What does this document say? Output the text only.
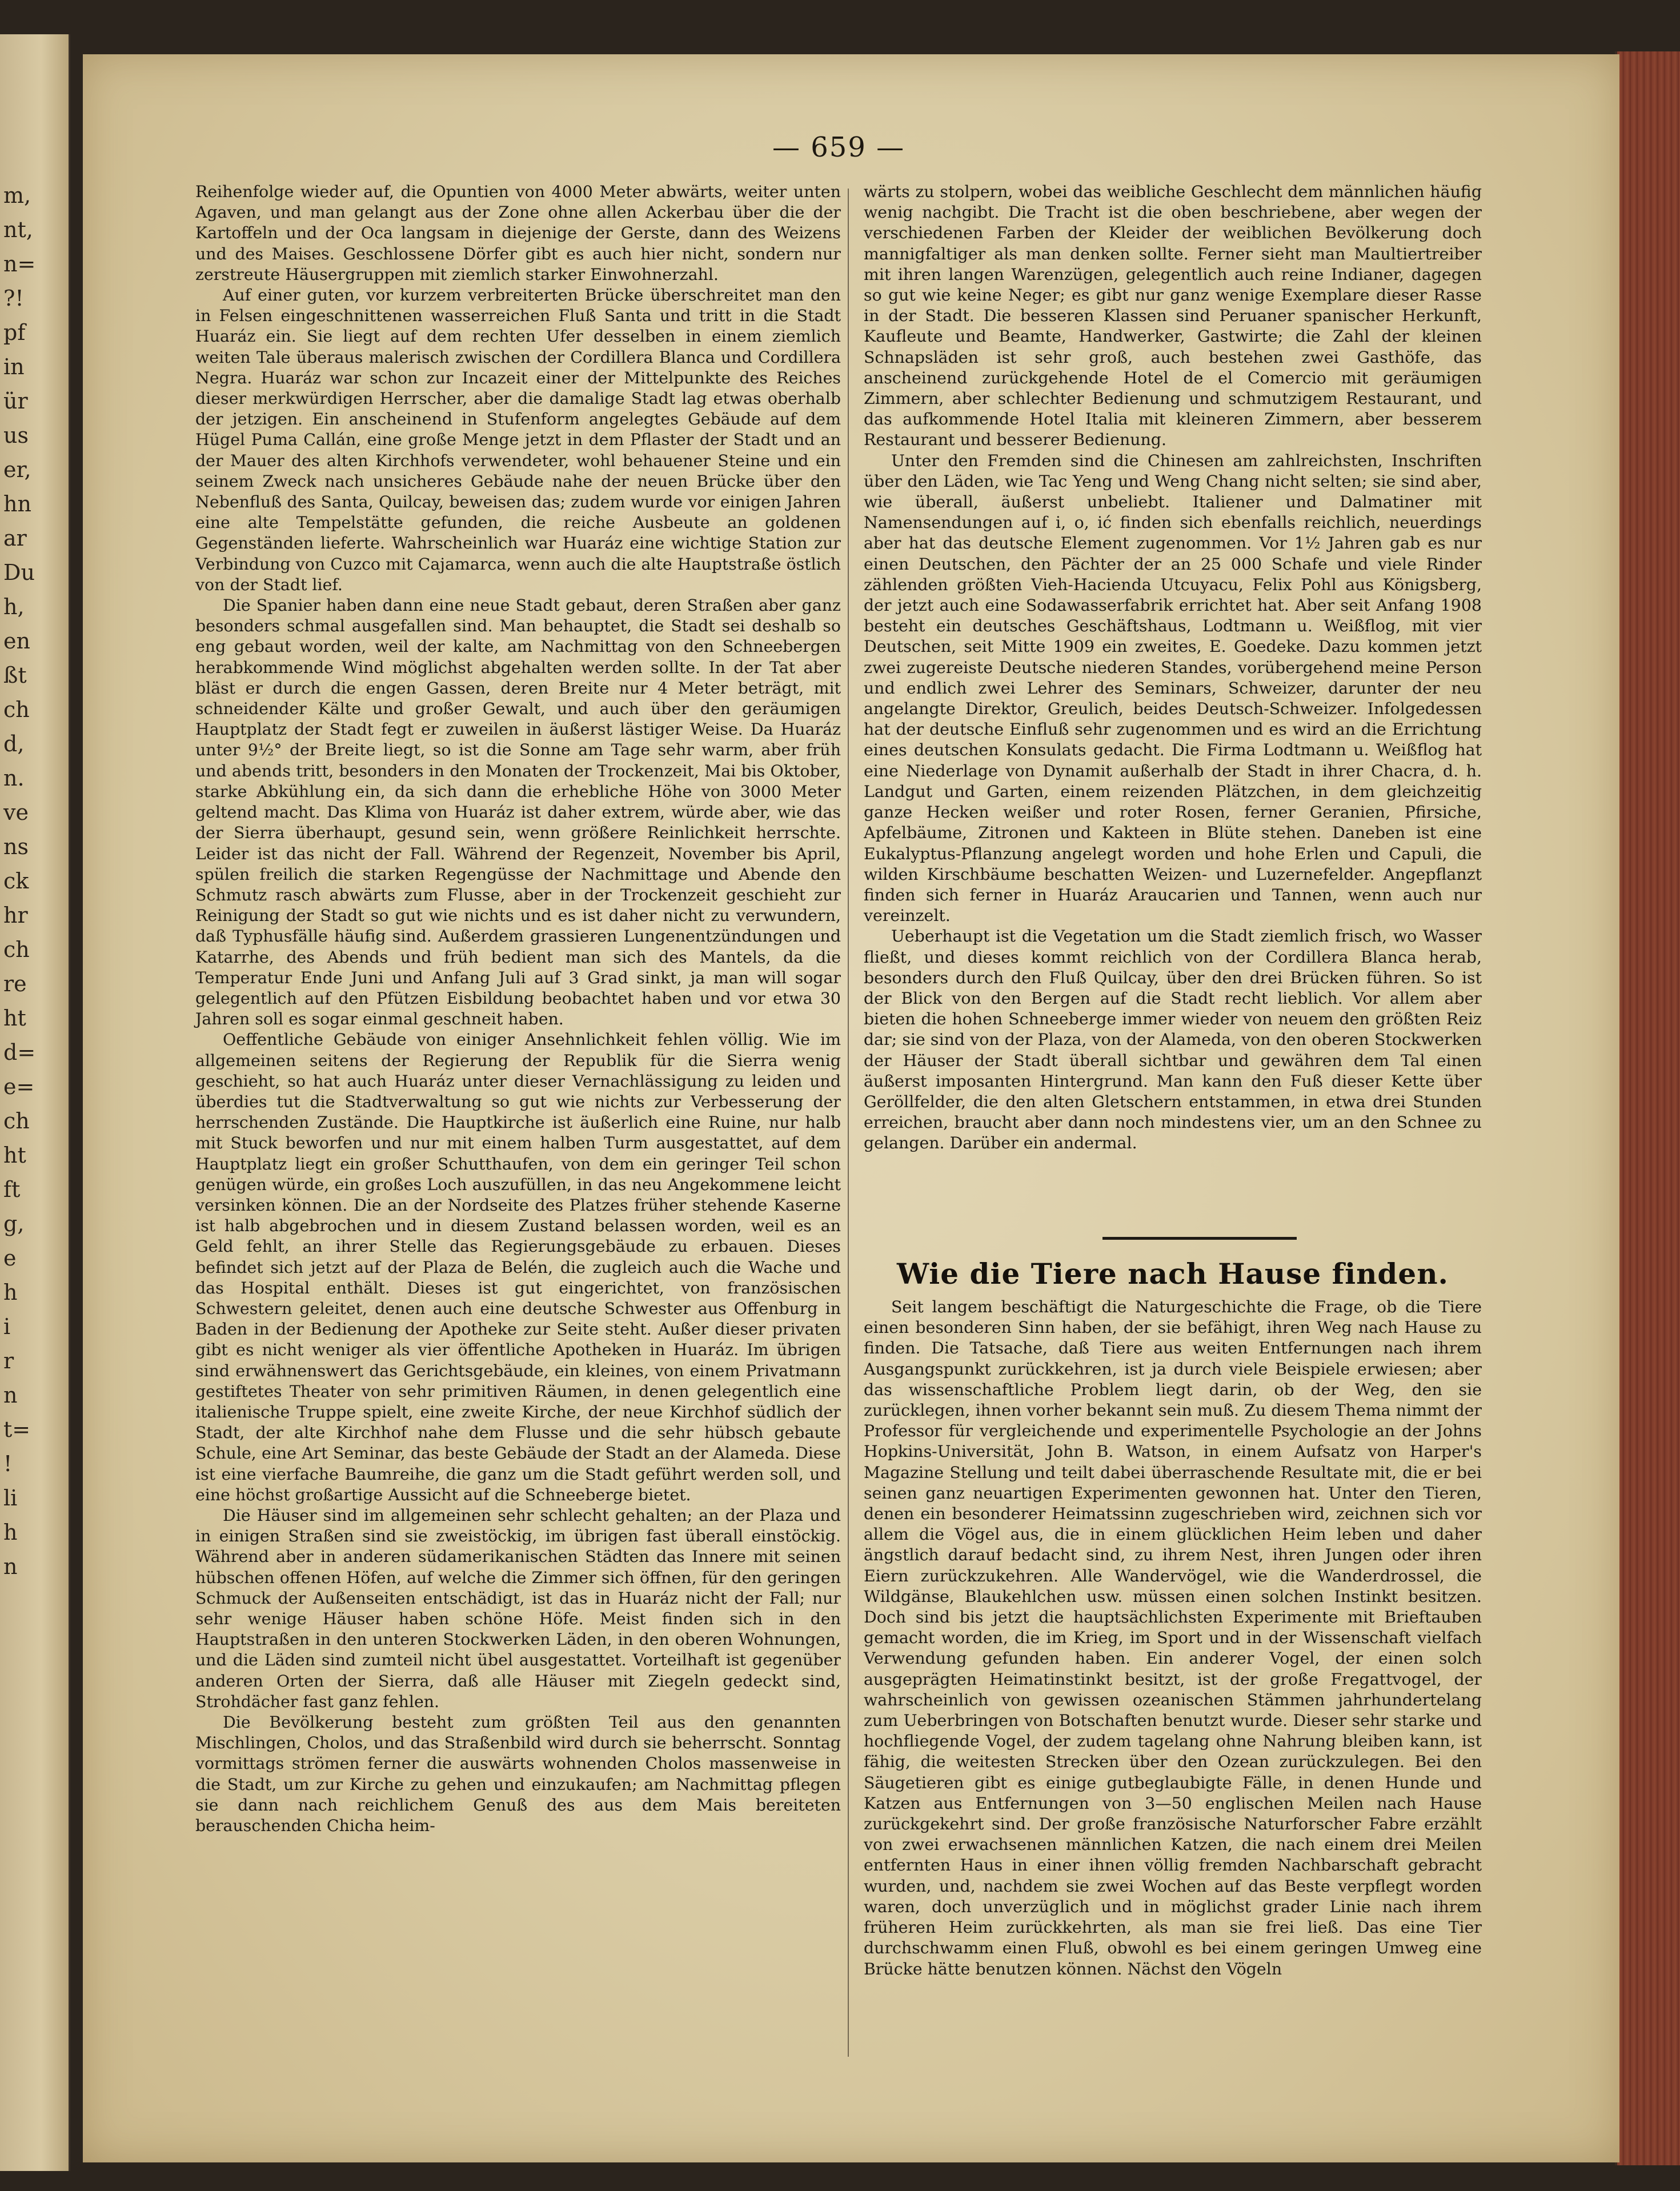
m,
nt,
n=
?!
pf
in
ür
us
er,
hn
ar
Du
h,
en
ßt
ch
d,
n.
ve
ns
ck
hr
ch
re
ht
d=
e=
ch
ht
ft
g,
e
h
i
r
n
t=
!
li
h
n
— 659 —

Reihenfolge wieder auf, die Opuntien von 4000 Meter abwärts, weiter unten Agaven, und man gelangt aus der Zone ohne allen Ackerbau über die der Kartoffeln und der Oca langsam in diejenige der Gerste, dann des Weizens und des Maises. Geschlossene Dörfer gibt es auch hier nicht, sondern nur zerstreute Häusergruppen mit ziemlich starker Einwohnerzahl.

Auf einer guten, vor kurzem verbreiterten Brücke überschreitet man den in Felsen eingeschnittenen wasserreichen Fluß Santa und tritt in die Stadt Huaráz ein. Sie liegt auf dem rechten Ufer desselben in einem ziemlich weiten Tale überaus malerisch zwischen der Cordillera Blanca und Cordillera Negra. Huaráz war schon zur Incazeit einer der Mittelpunkte des Reiches dieser merkwürdigen Herrscher, aber die damalige Stadt lag etwas oberhalb der jetzigen. Ein anscheinend in Stufenform angelegtes Gebäude auf dem Hügel Puma Callán, eine große Menge jetzt in dem Pflaster der Stadt und an der Mauer des alten Kirchhofs verwendeter, wohl behauener Steine und ein seinem Zweck nach unsicheres Gebäude nahe der neuen Brücke über den Nebenfluß des Santa, Quilcay, beweisen das; zudem wurde vor einigen Jahren eine alte Tempelstätte gefunden, die reiche Ausbeute an goldenen Gegenständen lieferte. Wahrscheinlich war Huaráz eine wichtige Station zur Verbindung von Cuzco mit Cajamarca, wenn auch die alte Hauptstraße östlich von der Stadt lief.

Die Spanier haben dann eine neue Stadt gebaut, deren Straßen aber ganz besonders schmal ausgefallen sind. Man behauptet, die Stadt sei deshalb so eng gebaut worden, weil der kalte, am Nachmittag von den Schneebergen herabkommende Wind möglichst abgehalten werden sollte. In der Tat aber bläst er durch die engen Gassen, deren Breite nur 4 Meter beträgt, mit schneidender Kälte und großer Gewalt, und auch über den geräumigen Hauptplatz der Stadt fegt er zuweilen in äußerst lästiger Weise. Da Huaráz unter 9½° der Breite liegt, so ist die Sonne am Tage sehr warm, aber früh und abends tritt, besonders in den Monaten der Trockenzeit, Mai bis Oktober, starke Abkühlung ein, da sich dann die erhebliche Höhe von 3000 Meter geltend macht. Das Klima von Huaráz ist daher extrem, würde aber, wie das der Sierra überhaupt, gesund sein, wenn größere Reinlichkeit herrschte. Leider ist das nicht der Fall. Während der Regenzeit, November bis April, spülen freilich die starken Regengüsse der Nachmittage und Abende den Schmutz rasch abwärts zum Flusse, aber in der Trockenzeit geschieht zur Reinigung der Stadt so gut wie nichts und es ist daher nicht zu verwundern, daß Typhusfälle häufig sind. Außerdem grassieren Lungenentzündungen und Katarrhe, des Abends und früh bedient man sich des Mantels, da die Temperatur Ende Juni und Anfang Juli auf 3 Grad sinkt, ja man will sogar gelegentlich auf den Pfützen Eisbildung beobachtet haben und vor etwa 30 Jahren soll es sogar einmal geschneit haben.

Oeffentliche Gebäude von einiger Ansehnlichkeit fehlen völlig. Wie im allgemeinen seitens der Regierung der Republik für die Sierra wenig geschieht, so hat auch Huaráz unter dieser Vernachlässigung zu leiden und überdies tut die Stadtverwaltung so gut wie nichts zur Verbesserung der herrschenden Zustände. Die Hauptkirche ist äußerlich eine Ruine, nur halb mit Stuck beworfen und nur mit einem halben Turm ausgestattet, auf dem Hauptplatz liegt ein großer Schutthaufen, von dem ein geringer Teil schon genügen würde, ein großes Loch auszufüllen, in das neu Angekommene leicht versinken können. Die an der Nordseite des Platzes früher stehende Kaserne ist halb abgebrochen und in diesem Zustand belassen worden, weil es an Geld fehlt, an ihrer Stelle das Regierungsgebäude zu erbauen. Dieses befindet sich jetzt auf der Plaza de Belén, die zugleich auch die Wache und das Hospital enthält. Dieses ist gut eingerichtet, von französischen Schwestern geleitet, denen auch eine deutsche Schwester aus Offenburg in Baden in der Bedienung der Apotheke zur Seite steht. Außer dieser privaten gibt es nicht weniger als vier öffentliche Apotheken in Huaráz. Im übrigen sind erwähnenswert das Gerichtsgebäude, ein kleines, von einem Privatmann gestiftetes Theater von sehr primitiven Räumen, in denen gelegentlich eine italienische Truppe spielt, eine zweite Kirche, der neue Kirchhof südlich der Stadt, der alte Kirchhof nahe dem Flusse und die sehr hübsch gebaute Schule, eine Art Seminar, das beste Gebäude der Stadt an der Alameda. Diese ist eine vierfache Baumreihe, die ganz um die Stadt geführt werden soll, und eine höchst großartige Aussicht auf die Schneeberge bietet.

Die Häuser sind im allgemeinen sehr schlecht gehalten; an der Plaza und in einigen Straßen sind sie zweistöckig, im übrigen fast überall einstöckig. Während aber in anderen südamerikanischen Städten das Innere mit seinen hübschen offenen Höfen, auf welche die Zimmer sich öffnen, für den geringen Schmuck der Außenseiten entschädigt, ist das in Huaráz nicht der Fall; nur sehr wenige Häuser haben schöne Höfe. Meist finden sich in den Hauptstraßen in den unteren Stockwerken Läden, in den oberen Wohnungen, und die Läden sind zumteil nicht übel ausgestattet. Vorteilhaft ist gegenüber anderen Orten der Sierra, daß alle Häuser mit Ziegeln gedeckt sind, Strohdächer fast ganz fehlen.

Die Bevölkerung besteht zum größten Teil aus den genannten Mischlingen, Cholos, und das Straßenbild wird durch sie beherrscht. Sonntag vormittags strömen ferner die auswärts wohnenden Cholos massenweise in die Stadt, um zur Kirche zu gehen und einzukaufen; am Nachmittag pflegen sie dann nach reichlichem Genuß des aus dem Mais bereiteten berauschenden Chicha heim-

wärts zu stolpern, wobei das weibliche Geschlecht dem männlichen häufig wenig nachgibt. Die Tracht ist die oben beschriebene, aber wegen der verschiedenen Farben der Kleider der weiblichen Bevölkerung doch mannigfaltiger als man denken sollte. Ferner sieht man Maultiertreiber mit ihren langen Warenzügen, gelegentlich auch reine Indianer, dagegen so gut wie keine Neger; es gibt nur ganz wenige Exemplare dieser Rasse in der Stadt. Die besseren Klassen sind Peruaner spanischer Herkunft, Kaufleute und Beamte, Handwerker, Gastwirte; die Zahl der kleinen Schnapsläden ist sehr groß, auch bestehen zwei Gasthöfe, das anscheinend zurückgehende Hotel de el Comercio mit geräumigen Zimmern, aber schlechter Bedienung und schmutzigem Restaurant, und das aufkommende Hotel Italia mit kleineren Zimmern, aber besserem Restaurant und besserer Bedienung.

Unter den Fremden sind die Chinesen am zahlreichsten, Inschriften über den Läden, wie Tac Yeng und Weng Chang nicht selten; sie sind aber, wie überall, äußerst unbeliebt. Italiener und Dalmatiner mit Namensendungen auf i, o, ić finden sich ebenfalls reichlich, neuerdings aber hat das deutsche Element zugenommen. Vor 1½ Jahren gab es nur einen Deutschen, den Pächter der an 25 000 Schafe und viele Rinder zählenden größten Vieh-Hacienda Utcuyacu, Felix Pohl aus Königsberg, der jetzt auch eine Sodawasserfabrik errichtet hat. Aber seit Anfang 1908 besteht ein deutsches Geschäftshaus, Lodtmann u. Weißflog, mit vier Deutschen, seit Mitte 1909 ein zweites, E. Goedeke. Dazu kommen jetzt zwei zugereiste Deutsche niederen Standes, vorübergehend meine Person und endlich zwei Lehrer des Seminars, Schweizer, darunter der neu angelangte Direktor, Greulich, beides Deutsch-Schweizer. Infolgedessen hat der deutsche Einfluß sehr zugenommen und es wird an die Errichtung eines deutschen Konsulats gedacht. Die Firma Lodtmann u. Weißflog hat eine Niederlage von Dynamit außerhalb der Stadt in ihrer Chacra, d. h. Landgut und Garten, einem reizenden Plätzchen, in dem gleichzeitig ganze Hecken weißer und roter Rosen, ferner Geranien, Pfirsiche, Apfelbäume, Zitronen und Kakteen in Blüte stehen. Daneben ist eine Eukalyptus-Pflanzung angelegt worden und hohe Erlen und Capuli, die wilden Kirschbäume beschatten Weizen- und Luzernefelder. Angepflanzt finden sich ferner in Huaráz Araucarien und Tannen, wenn auch nur vereinzelt.

Ueberhaupt ist die Vegetation um die Stadt ziemlich frisch, wo Wasser fließt, und dieses kommt reichlich von der Cordillera Blanca herab, besonders durch den Fluß Quilcay, über den drei Brücken führen. So ist der Blick von den Bergen auf die Stadt recht lieblich. Vor allem aber bieten die hohen Schneeberge immer wieder von neuem den größten Reiz dar; sie sind von der Plaza, von der Alameda, von den oberen Stockwerken der Häuser der Stadt überall sichtbar und gewähren dem Tal einen äußerst imposanten Hintergrund. Man kann den Fuß dieser Kette über Geröllfelder, die den alten Gletschern entstammen, in etwa drei Stunden erreichen, braucht aber dann noch mindestens vier, um an den Schnee zu gelangen. Darüber ein andermal.

Wie die Tiere nach Hause finden.

Seit langem beschäftigt die Naturgeschichte die Frage, ob die Tiere einen besonderen Sinn haben, der sie befähigt, ihren Weg nach Hause zu finden. Die Tatsache, daß Tiere aus weiten Entfernungen nach ihrem Ausgangspunkt zurückkehren, ist ja durch viele Beispiele erwiesen; aber das wissenschaftliche Problem liegt darin, ob der Weg, den sie zurücklegen, ihnen vorher bekannt sein muß. Zu diesem Thema nimmt der Professor für vergleichende und experimentelle Psychologie an der Johns Hopkins-Universität, John B. Watson, in einem Aufsatz von Harper's Magazine Stellung und teilt dabei überraschende Resultate mit, die er bei seinen ganz neuartigen Experimenten gewonnen hat. Unter den Tieren, denen ein besonderer Heimatssinn zugeschrieben wird, zeichnen sich vor allem die Vögel aus, die in einem glücklichen Heim leben und daher ängstlich darauf bedacht sind, zu ihrem Nest, ihren Jungen oder ihren Eiern zurückzukehren. Alle Wandervögel, wie die Wanderdrossel, die Wildgänse, Blaukehlchen usw. müssen einen solchen Instinkt besitzen. Doch sind bis jetzt die hauptsächlichsten Experimente mit Brieftauben gemacht worden, die im Krieg, im Sport und in der Wissenschaft vielfach Verwendung gefunden haben. Ein anderer Vogel, der einen solch ausgeprägten Heimatinstinkt besitzt, ist der große Fregattvogel, der wahrscheinlich von gewissen ozeanischen Stämmen jahrhundertelang zum Ueberbringen von Botschaften benutzt wurde. Dieser sehr starke und hochfliegende Vogel, der zudem tagelang ohne Nahrung bleiben kann, ist fähig, die weitesten Strecken über den Ozean zurückzulegen. Bei den Säugetieren gibt es einige gutbeglaubigte Fälle, in denen Hunde und Katzen aus Entfernungen von 3—50 englischen Meilen nach Hause zurückgekehrt sind. Der große französische Naturforscher Fabre erzählt von zwei erwachsenen männlichen Katzen, die nach einem drei Meilen entfernten Haus in einer ihnen völlig fremden Nachbarschaft gebracht wurden, und, nachdem sie zwei Wochen auf das Beste verpflegt worden waren, doch unverzüglich und in möglichst grader Linie nach ihrem früheren Heim zurückkehrten, als man sie frei ließ. Das eine Tier durchschwamm einen Fluß, obwohl es bei einem geringen Umweg eine Brücke hätte benutzen können. Nächst den Vögeln
